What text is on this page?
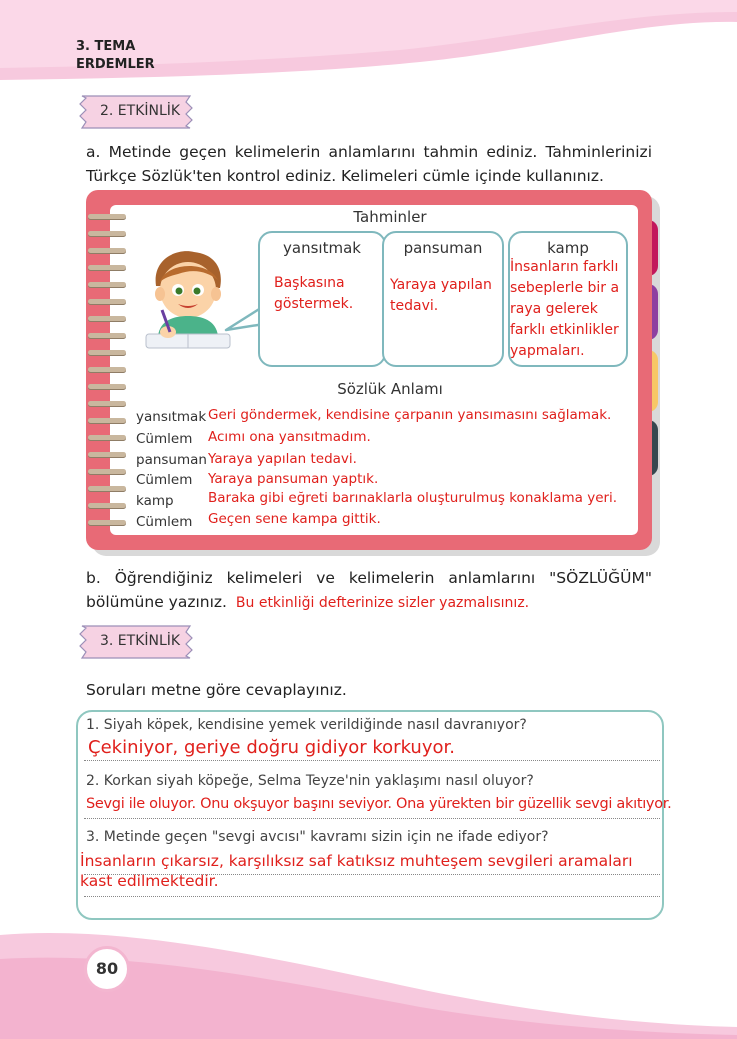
3. TEMA
ERDEMLER
2. ETKİNLİK
a. Metinde geçen kelimelerin anlamlarını tahmin ediniz. Tahminlerinizi Türkçe Sözlük'ten kontrol ediniz. Kelimeleri cümle içinde kullanınız.
Tahminler
yansıtmak
Başkasına göstermek.
pansuman
Yaraya yapılan tedavi.
kamp
İnsanların farklı sebeplerle bir a raya gelerek farklı etkinlikler yapmaları.
Sözlük Anlamı
yansıtmak Geri göndermek, kendisine çarpanın yansımasını sağlamak.
Cümlem Acımı ona yansıtmadım.
pansuman Yaraya yapılan tedavi.
Cümlem Yaraya pansuman yaptık.
kamp	Baraka gibi eğreti barınaklarla oluşturulmuş konaklama yeri.
Cümlem Geçen sene kampa gittik.
b. Öğrendiğiniz kelimeleri ve kelimelerin anlamlarını "SÖZLÜĞÜM" bölümüne yazınız. Bu etkinliği defterinize sizler yazmalısınız.
3. ETKİNLİK
Soruları metne göre cevaplayınız.
1. Siyah köpek, kendisine yemek verildiğinde nasıl davranıyor?
Çekiniyor, geriye doğru gidiyor korkuyor.
2. Korkan siyah köpeğe, Selma Teyze'nin yaklaşımı nasıl oluyor?
Sevgi ile oluyor. Onu okşuyor başını seviyor. Ona yürekten bir güzellik sevgi akıtıyor.
3. Metinde geçen "sevgi avcısı" kavramı sizin için ne ifade ediyor?
İnsanların çıkarsız, karşılıksız saf katıksız muhteşem sevgileri aramaları kast edilmektedir.
80
